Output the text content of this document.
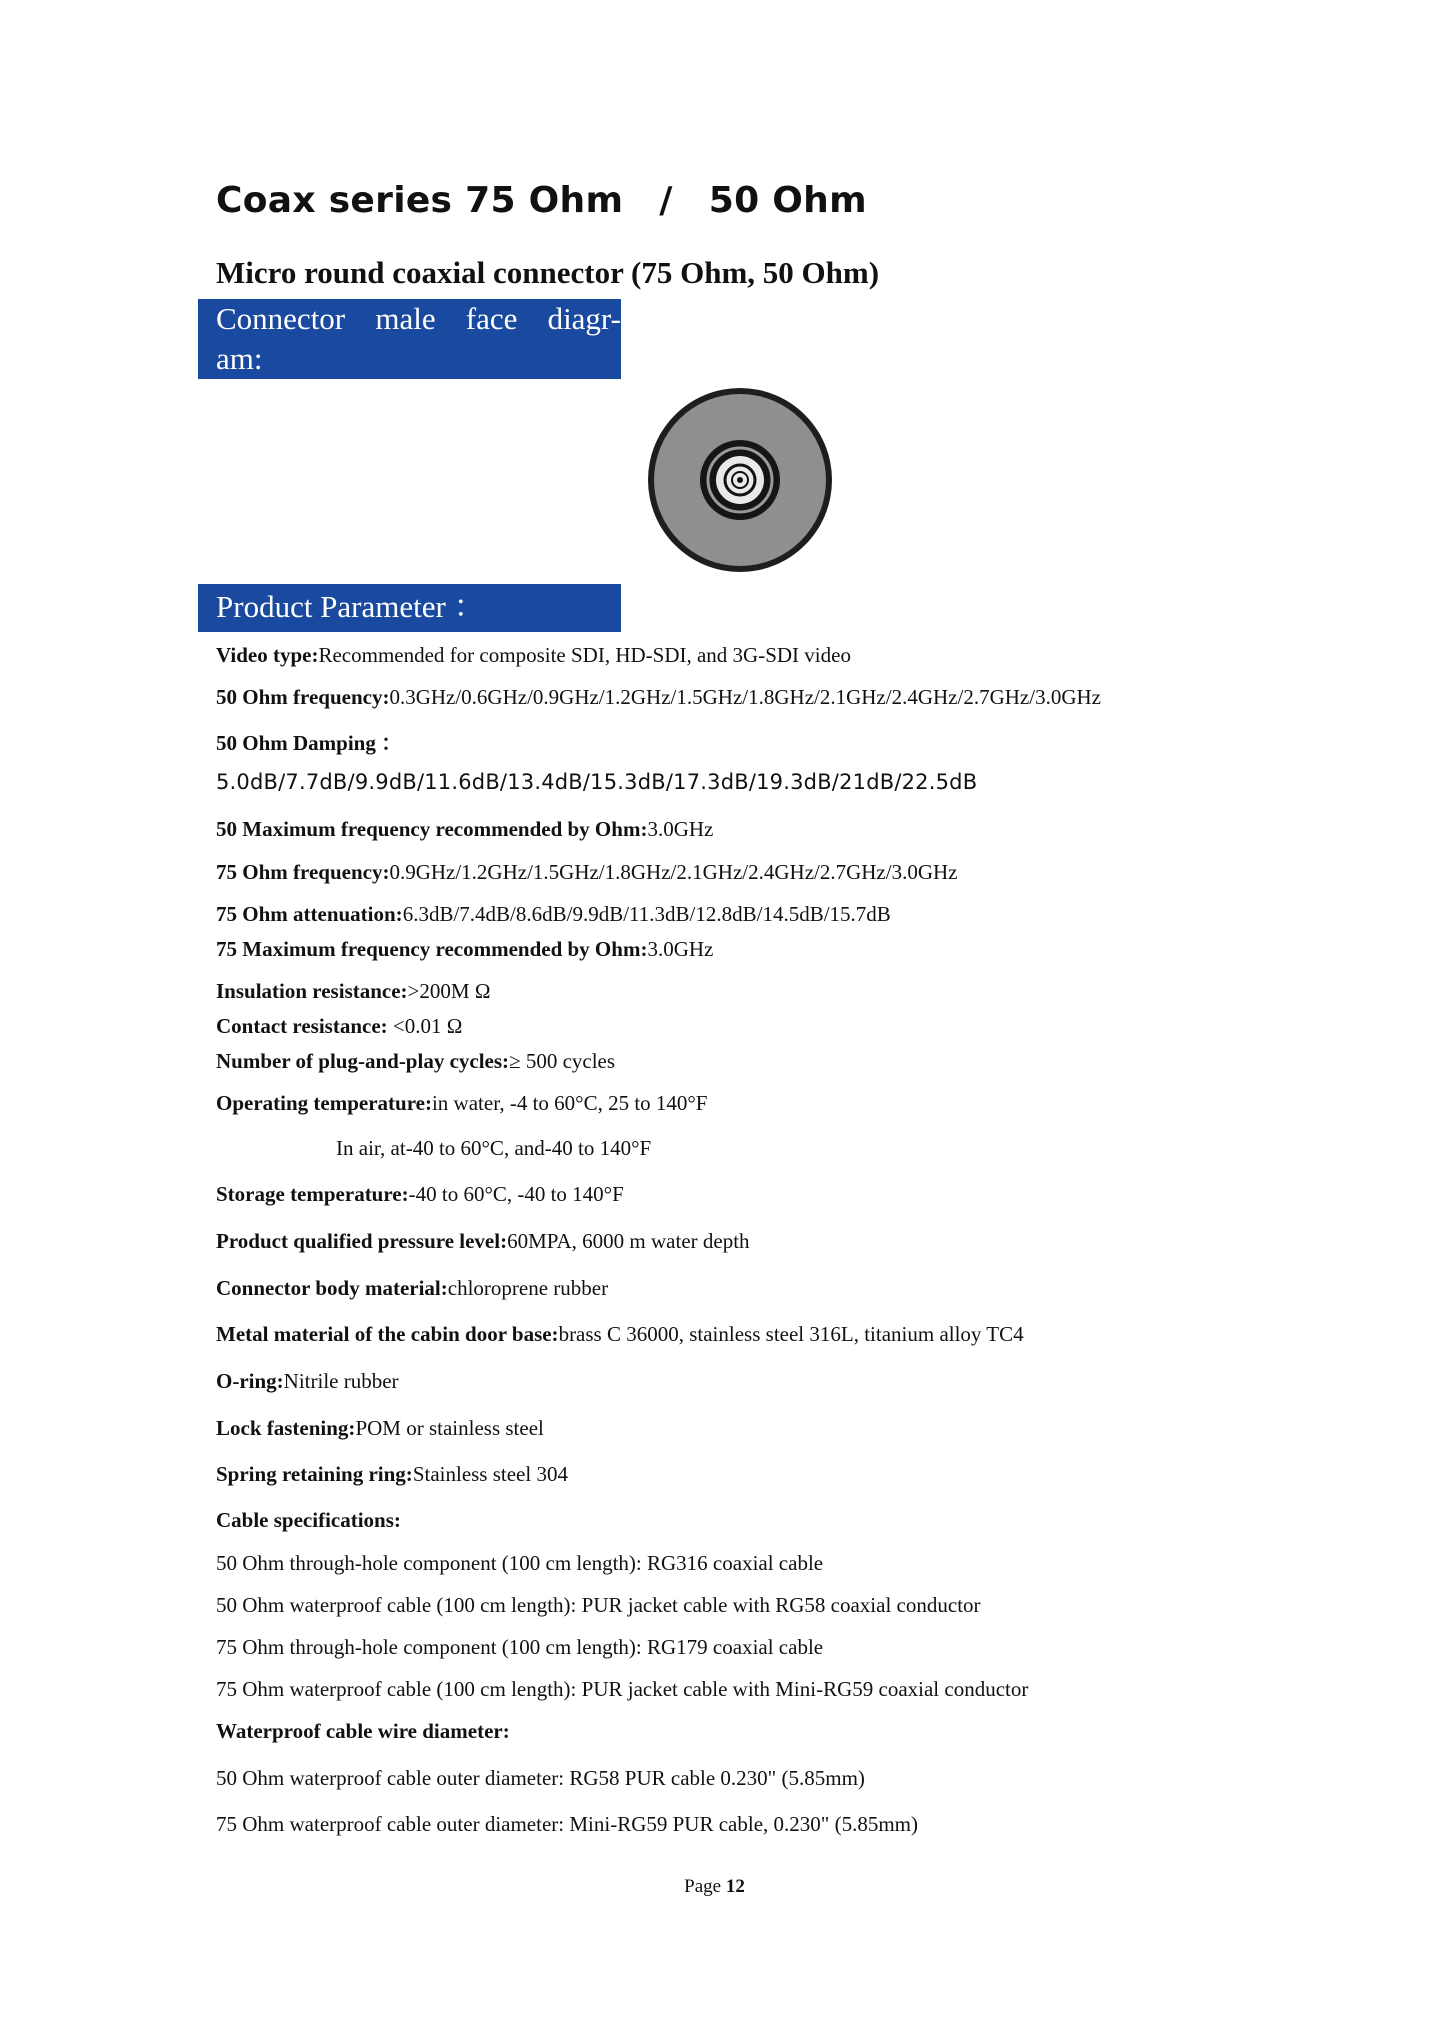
Coax series 75 Ohm / 50 Ohm
Micro round coaxial connector (75 Ohm, 50 Ohm)
Connector male face diagr-
am:
Product Parameter ：
Video type:Recommended for composite SDI, HD-SDI, and 3G-SDI video
50 Ohm frequency:0.3GHz/0.6GHz/0.9GHz/1.2GHz/1.5GHz/1.8GHz/2.1GHz/2.4GHz/2.7GHz/3.0GHz
50 Ohm Damping ：
5.0dB/7.7dB/9.9dB/11.6dB/13.4dB/15.3dB/17.3dB/19.3dB/21dB/22.5dB
50 Maximum frequency recommended by Ohm:3.0GHz
75 Ohm frequency:0.9GHz/1.2GHz/1.5GHz/1.8GHz/2.1GHz/2.4GHz/2.7GHz/3.0GHz
75 Ohm attenuation:6.3dB/7.4dB/8.6dB/9.9dB/11.3dB/12.8dB/14.5dB/15.7dB
75 Maximum frequency recommended by Ohm:3.0GHz
Insulation resistance:>200M Ω
Contact resistance: <0.01 Ω
Number of plug-and-play cycles:≥ 500 cycles
Operating temperature:in water, -4 to 60°C, 25 to 140°F
In air, at-40 to 60°C, and-40 to 140°F
Storage temperature:-40 to 60°C, -40 to 140°F
Product qualified pressure level:60MPA, 6000 m water depth
Connector body material:chloroprene rubber
Metal material of the cabin door base:brass C 36000, stainless steel 316L, titanium alloy TC4
O-ring:Nitrile rubber
Lock fastening:POM or stainless steel
Spring retaining ring:Stainless steel 304
Cable specifications:
50 Ohm through-hole component (100 cm length): RG316 coaxial cable
50 Ohm waterproof cable (100 cm length): PUR jacket cable with RG58 coaxial conductor
75 Ohm through-hole component (100 cm length): RG179 coaxial cable
75 Ohm waterproof cable (100 cm length): PUR jacket cable with Mini-RG59 coaxial conductor
Waterproof cable wire diameter:
50 Ohm waterproof cable outer diameter: RG58 PUR cable 0.230" (5.85mm)
75 Ohm waterproof cable outer diameter: Mini-RG59 PUR cable, 0.230" (5.85mm)
Page 12
